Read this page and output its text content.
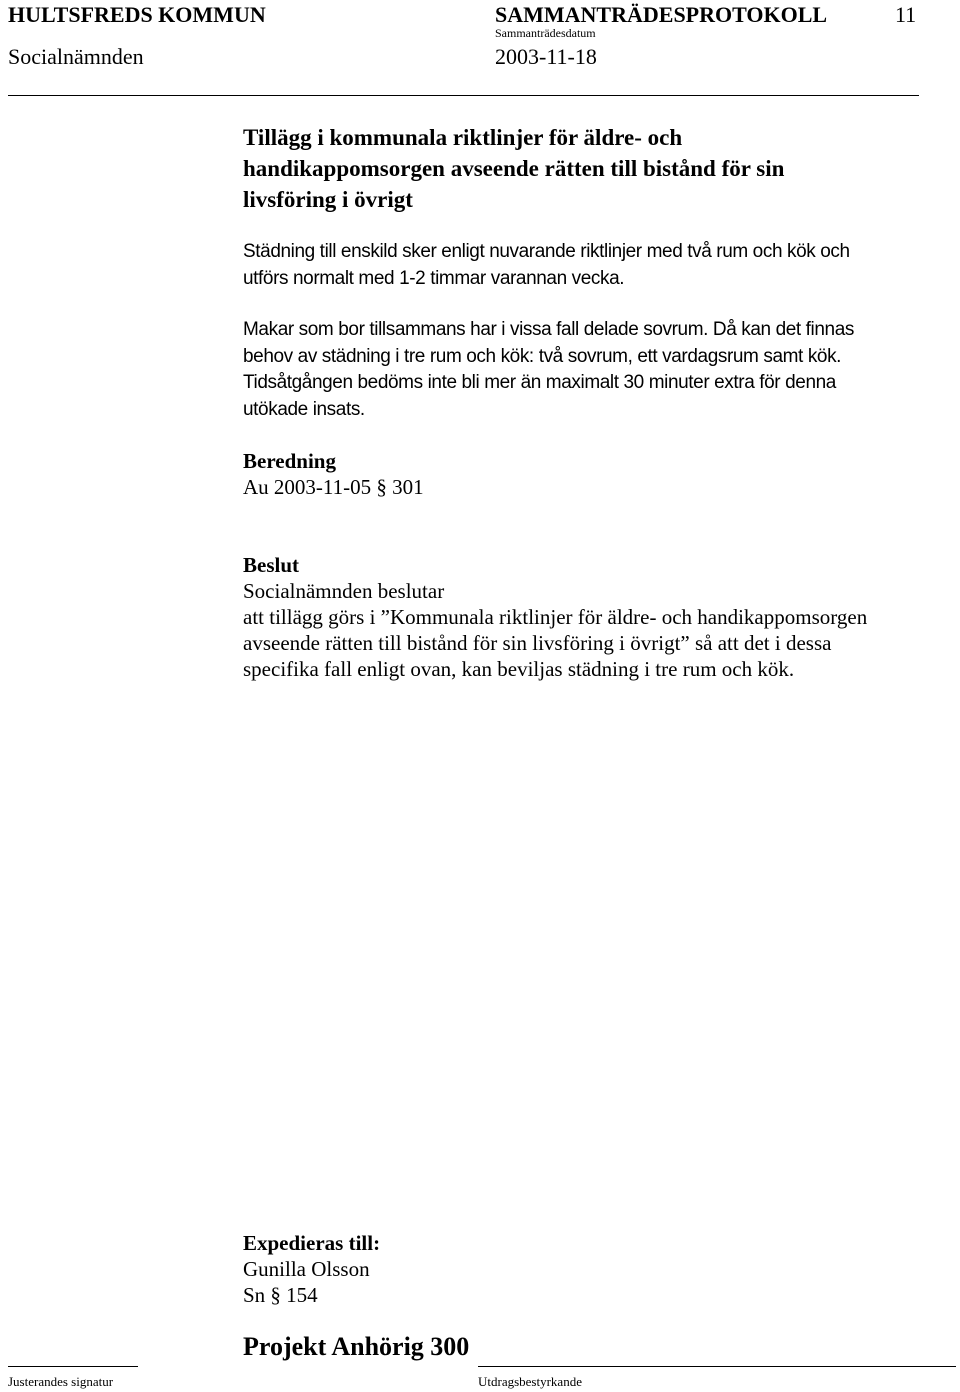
HULTSFREDS KOMMUN	SAMMANTRÄDESPROTOKOLL	11
Sammanträdesdatum
Socialnämnden	2003-11-18
Tillägg i kommunala riktlinjer för äldre- och
handikappomsorgen avseende rätten till bistånd för sin
livsföring i övrigt
Städning till enskild sker enligt nuvarande riktlinjer med två rum och kök och
utförs normalt med 1-2 timmar varannan vecka.
Makar som bor tillsammans har i vissa fall delade sovrum. Då kan det finnas
behov av städning i tre rum och kök: två sovrum, ett vardagsrum samt kök.
Tidsåtgången bedöms inte bli mer än maximalt 30 minuter extra för denna
utökade insats.
Beredning
Au 2003-11-05 § 301
Beslut
Socialnämnden beslutar
att tillägg görs i ”Kommunala riktlinjer för äldre- och handikappomsorgen
avseende rätten till bistånd för sin livsföring i övrigt” så att det i dessa
specifika fall enligt ovan, kan beviljas städning i tre rum och kök.
Expedieras till:
Gunilla Olsson
Sn § 154
Projekt Anhörig 300
Justerandes signatur	Utdragsbestyrkande
